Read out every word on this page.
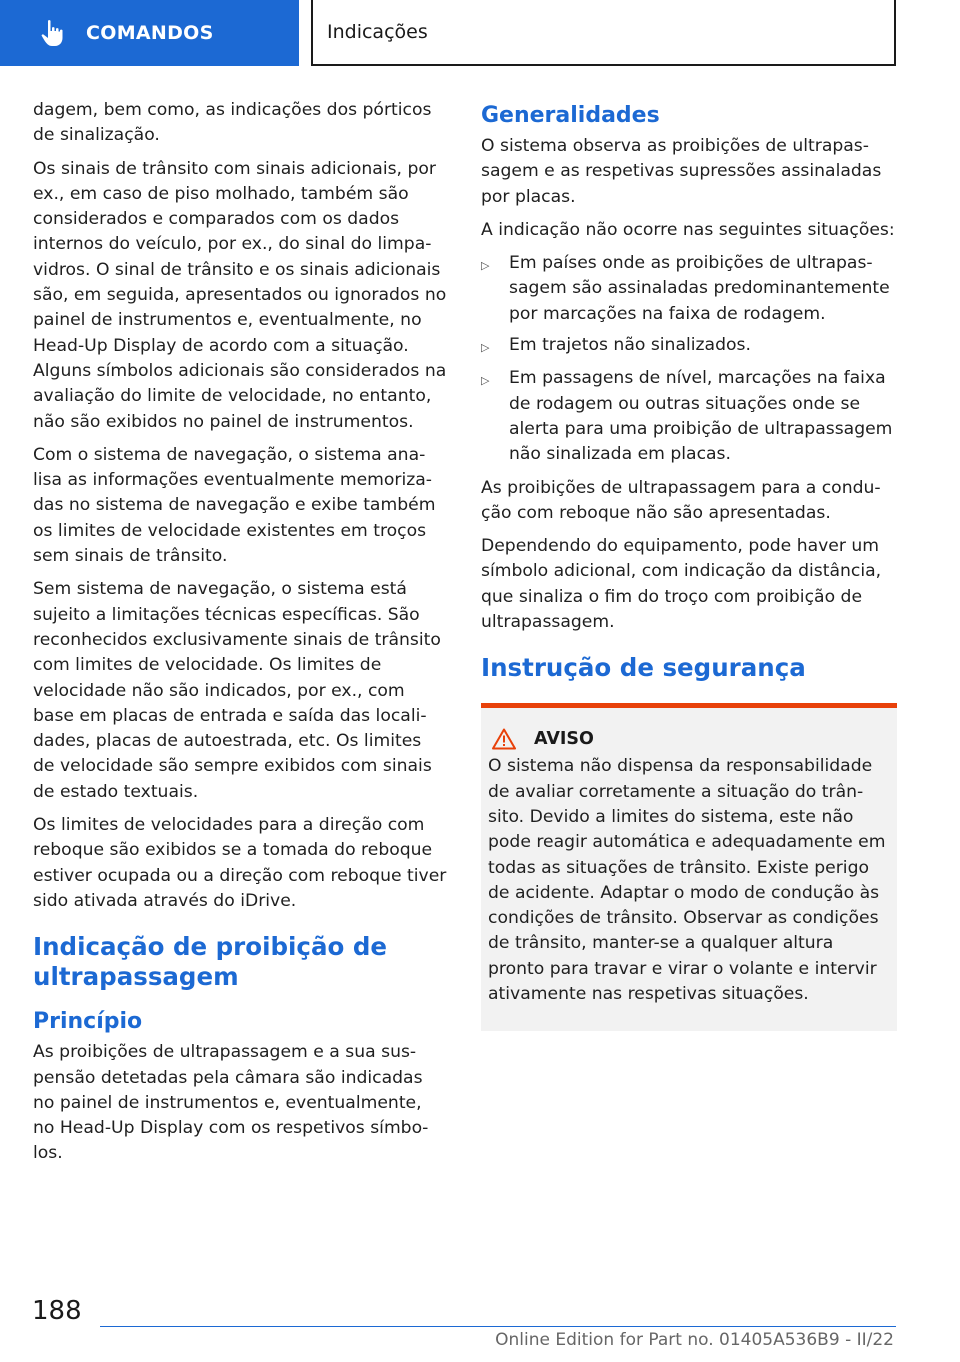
COMANDOS	Indicações

dagem, bem como, as indicações dos pórticos de sinalização.

Os sinais de trânsito com sinais adicionais, por ex., em caso de piso molhado, também são considerados e comparados com os dados internos do veículo, por ex., do sinal do limpa-vidros. O sinal de trânsito e os sinais adicionais são, em seguida, apresentados ou ignorados no painel de instrumentos e, eventualmente, no Head-Up Display de acordo com a situação. Alguns símbolos adicionais são considerados na avaliação do limite de velocidade, no entanto, não são exibidos no painel de instrumentos.

Com o sistema de navegação, o sistema analisa as informações eventualmente memorizadas no sistema de navegação e exibe também os limites de velocidade existentes em troços sem sinais de trânsito.

Sem sistema de navegação, o sistema está sujeito a limitações técnicas específicas. São reconhecidos exclusivamente sinais de trânsito com limites de velocidade. Os limites de velocidade não são indicados, por ex., com base em placas de entrada e saída das localidades, placas de autoestrada, etc. Os limites de velocidade são sempre exibidos com sinais de estado textuais.

Os limites de velocidades para a direção com reboque são exibidos se a tomada do reboque estiver ocupada ou a direção com reboque tiver sido ativada através do iDrive.

Indicação de proibição de ultrapassagem
Princípio

As proibições de ultrapassagem e a sua suspensão detetadas pela câmara são indicadas no painel de instrumentos e, eventualmente, no Head-Up Display com os respetivos símbolos.

Generalidades

O sistema observa as proibições de ultrapassagem e as respetivas supressões assinaladas por placas.

A indicação não ocorre nas seguintes situações:

▷	Em países onde as proibições de ultrapassagem são assinaladas predominantemente por marcações na faixa de rodagem.
▷	Em trajetos não sinalizados.
▷	Em passagens de nível, marcações na faixa de rodagem ou outras situações onde se alerta para uma proibição de ultrapassagem não sinalizada em placas.

As proibições de ultrapassagem para a condução com reboque não são apresentadas.

Dependendo do equipamento, pode haver um símbolo adicional, com indicação da distância, que sinaliza o fim do troço com proibição de ultrapassagem.

Instrução de segurança
AVISO

O sistema não dispensa da responsabilidade de avaliar corretamente a situação do trânsito. Devido a limites do sistema, este não pode reagir automática e adequadamente em todas as situações de trânsito. Existe perigo de acidente. Adaptar o modo de condução às condições de trânsito. Observar as condições de trânsito, manter-se a qualquer altura pronto para travar e virar o volante e intervir ativamente nas respetivas situações.

188
Online Edition for Part no. 01405A536B9 - II/22
